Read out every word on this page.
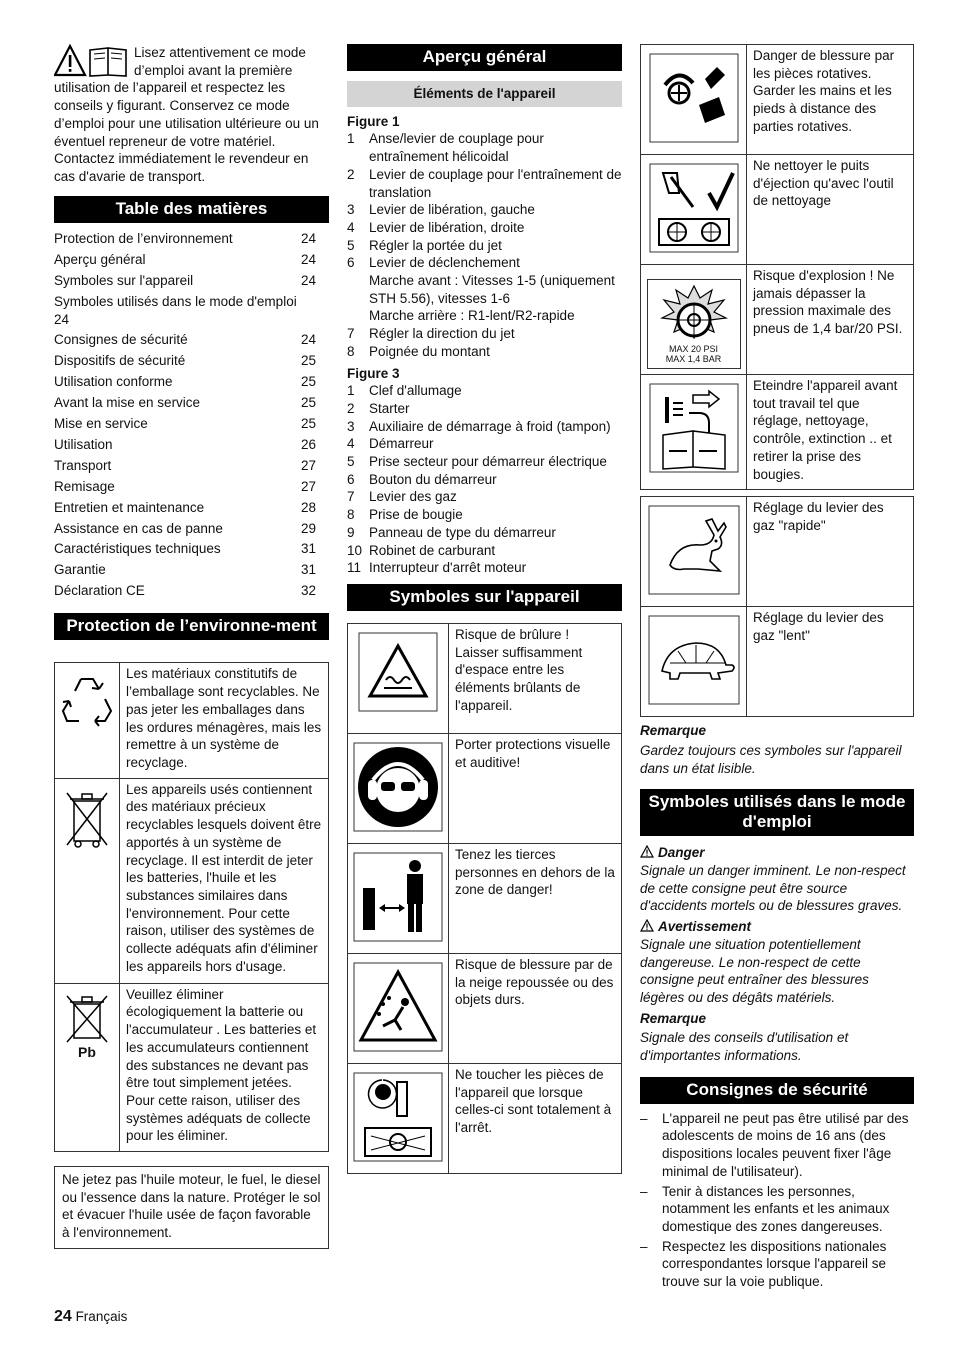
Lisez attentivement ce mode d’emploi avant la première utilisation de l’appareil et respectez les conseils y figurant. Conservez ce mode d’emploi pour une utilisation ultérieure ou un éventuel repreneur de votre matériel. Contactez immédiatement le revendeur en cas d'avarie de transport.
Table des matières
Protection de l’environnement	24
Aperçu général	24
Symboles sur l'appareil	24
Symboles utilisés dans le mode d'emploi 24
Consignes de sécurité	24
Dispositifs de sécurité	25
Utilisation conforme	25
Avant la mise en service	25
Mise en service	25
Utilisation	26
Transport	27
Remisage	27
Entretien et maintenance	28
Assistance en cas de panne	29
Caractéristiques techniques	31
Garantie	31
Déclaration CE	32
Protection de l’environne-ment
Les matériaux constitutifs de l’emballage sont recyclables. Ne pas jeter les emballages dans les ordures ménagères, mais les remettre à un système de recyclage.
Les appareils usés contiennent des matériaux précieux recyclables lesquels doivent être apportés à un système de recyclage. Il est interdit de jeter les batteries, l'huile et les substances similaires dans l'environnement. Pour cette raison, utiliser des systèmes de collecte adéquats afin d'éliminer les appareils hors d'usage.
Pb
Veuillez éliminer écologiquement la batterie ou l'accumulateur . Les batteries et les accumulateurs contiennent des substances ne devant pas être tout simplement jetées. Pour cette raison, utiliser des systèmes adéquats de collecte pour les éliminer.
Ne jetez pas l'huile moteur, le fuel, le diesel ou l'essence dans la nature. Protéger le sol et évacuer l'huile usée de façon favorable à l'environnement.
Aperçu général
Éléments de l'appareil
Figure 1
1	Anse/levier de couplage pour entraînement hélicoidal
2	Levier de couplage pour l'entraînement de translation
3	Levier de libération, gauche
4	Levier de libération, droite
5	Régler la portée du jet
6	Levier de déclenchement
Marche avant : Vitesses 1-5 (uniquement STH 5.56), vitesses 1-6
Marche arrière : R1-lent/R2-rapide
7	Régler la direction du jet
8	Poignée du montant
Figure 3
1	Clef d'allumage
2	Starter
3	Auxiliaire de démarrage à froid (tampon)
4	Démarreur
5	Prise secteur pour démarreur électrique
6	Bouton du démarreur
7	Levier des gaz
8	Prise de bougie
9	Panneau de type du démarreur
10 Robinet de carburant
11 Interrupteur d'arrêt moteur
Symboles sur l'appareil
Risque de brûlure ! Laisser suffisamment d'espace entre les éléments brûlants de l'appareil.
Porter protections visuelle et auditive!
Tenez les tierces personnes en dehors de la zone de danger!
Risque de blessure par de la neige repoussée ou des objets durs.
Ne toucher les pièces de l'appareil que lorsque celles-ci sont totalement à l'arrêt.
Danger de blessure par les pièces rotatives. Garder les mains et les pieds à distance des parties rotatives.
Ne nettoyer le puits d'éjection qu'avec l'outil de nettoyage
MAX 20 PSI
MAX 1,4 BAR
Risque d'explosion ! Ne jamais dépasser la pression maximale des pneus de 1,4 bar/20 PSI.
Eteindre l'appareil avant tout travail tel que réglage, nettoyage, contrôle, extinction .. et retirer la prise des bougies.
Réglage du levier des gaz "rapide"
Réglage du levier des gaz "lent"
Remarque
Gardez toujours ces symboles sur l'appareil dans un état lisible.
Symboles utilisés dans le mode d'emploi
Danger
Signale un danger imminent. Le non-respect de cette consigne peut être source d'accidents mortels ou de blessures graves.
Avertissement
Signale une situation potentiellement dangereuse. Le non-respect de cette consigne peut entraîner des blessures légères ou des dégâts matériels.
Remarque
Signale des conseils d'utilisation et d'importantes informations.
Consignes de sécurité
–	L'appareil ne peut pas être utilisé par des adolescents de moins de 16 ans (des dispositions locales peuvent fixer l'âge minimal de l'utilisateur).
–	Tenir à distances les personnes, notamment les enfants et les animaux domestique des zones dangereuses.
–	Respectez les dispositions nationales correspondantes lorsque l'appareil se trouve sur la voie publique.
24 Français
